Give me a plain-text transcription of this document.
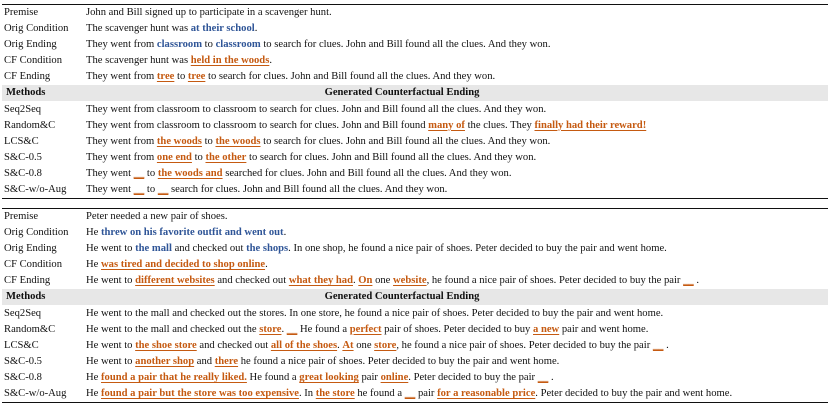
Premise	John and Bill signed up to participate in a scavenger hunt.
Orig Condition	The scavenger hunt was at their school.
Orig Ending	They went from classroom to classroom to search for clues. John and Bill found all the clues. And they won.
CF Condition	The scavenger hunt was held in the woods.
CF Ending	They went from tree to tree to search for clues. John and Bill found all the clues. And they won.
Methods	Generated Counterfactual Ending
Seq2Seq	They went from classroom to classroom to search for clues. John and Bill found all the clues. And they won.
Random&C	They went from classroom to classroom to search for clues. John and Bill found many of the clues. They finally had their reward!
LCS&C	They went from the woods to the woods to search for clues. John and Bill found all the clues. And they won.
S&C-0.5	They went from one end to the other to search for clues. John and Bill found all the clues. And they won.
S&C-0.8	They went __ to the woods and searched for clues. John and Bill found all the clues. And they won.
S&C-w/o-Aug	They went __ to __ search for clues. John and Bill found all the clues. And they won.
Premise	Peter needed a new pair of shoes.
Orig Condition	He threw on his favorite outfit and went out.
Orig Ending	He went to the mall and checked out the shops. In one shop, he found a nice pair of shoes. Peter decided to buy the pair and went home.
CF Condition	He was tired and decided to shop online.
CF Ending	He went to different websites and checked out what they had. On one website, he found a nice pair of shoes. Peter decided to buy the pair __ .
Methods	Generated Counterfactual Ending
Seq2Seq	He went to the mall and checked out the stores. In one store, he found a nice pair of shoes. Peter decided to buy the pair and went home.
Random&C	He went to the mall and checked out the store. __ He found a perfect pair of shoes. Peter decided to buy a new pair and went home.
LCS&C	He went to the shoe store and checked out all of the shoes. At one store, he found a nice pair of shoes. Peter decided to buy the pair __ .
S&C-0.5	He went to another shop and there he found a nice pair of shoes. Peter decided to buy the pair and went home.
S&C-0.8	He found a pair that he really liked. He found a great looking pair online. Peter decided to buy the pair __ .
S&C-w/o-Aug	He found a pair but the store was too expensive. In the store he found a __ pair for a reasonable price. Peter decided to buy the pair and went home.
